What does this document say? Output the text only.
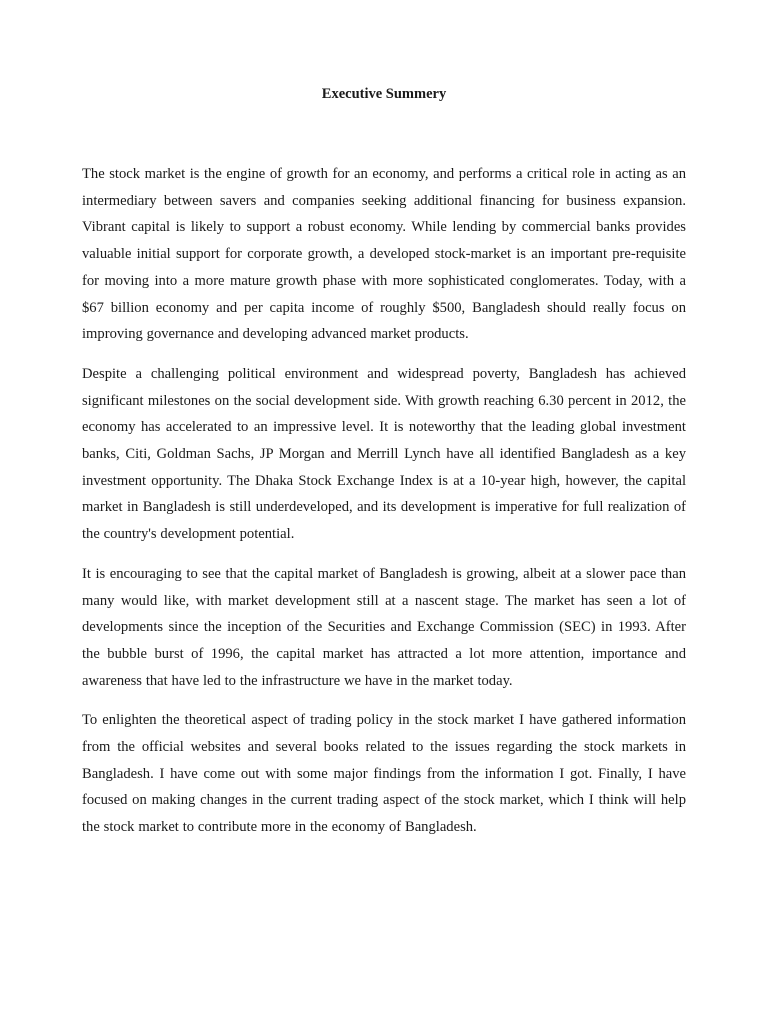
Executive Summery

The stock market is the engine of growth for an economy, and performs a critical role in acting as an intermediary between savers and companies seeking additional financing for business expansion. Vibrant capital is likely to support a robust economy. While lending by commercial banks provides valuable initial support for corporate growth, a developed stock-market is an important pre-requisite for moving into a more mature growth phase with more sophisticated conglomerates. Today, with a $67 billion economy and per capita income of roughly $500, Bangladesh should really focus on improving governance and developing advanced market products.

Despite a challenging political environment and widespread poverty, Bangladesh has achieved significant milestones on the social development side. With growth reaching 6.30 percent in 2012, the economy has accelerated to an impressive level. It is noteworthy that the leading global investment banks, Citi, Goldman Sachs, JP Morgan and Merrill Lynch have all identified Bangladesh as a key investment opportunity. The Dhaka Stock Exchange Index is at a 10-year high, however, the capital market in Bangladesh is still underdeveloped, and its development is imperative for full realization of the country's development potential.

It is encouraging to see that the capital market of Bangladesh is growing, albeit at a slower pace than many would like, with market development still at a nascent stage. The market has seen a lot of developments since the inception of the Securities and Exchange Commission (SEC) in 1993. After the bubble burst of 1996, the capital market has attracted a lot more attention, importance and awareness that have led to the infrastructure we have in the market today.

To enlighten the theoretical aspect of trading policy in the stock market I have gathered information from the official websites and several books related to the issues regarding the stock markets in Bangladesh. I have come out with some major findings from the information I got. Finally, I have focused on making changes in the current trading aspect of the stock market, which I think will help the stock market to contribute more in the economy of Bangladesh.
